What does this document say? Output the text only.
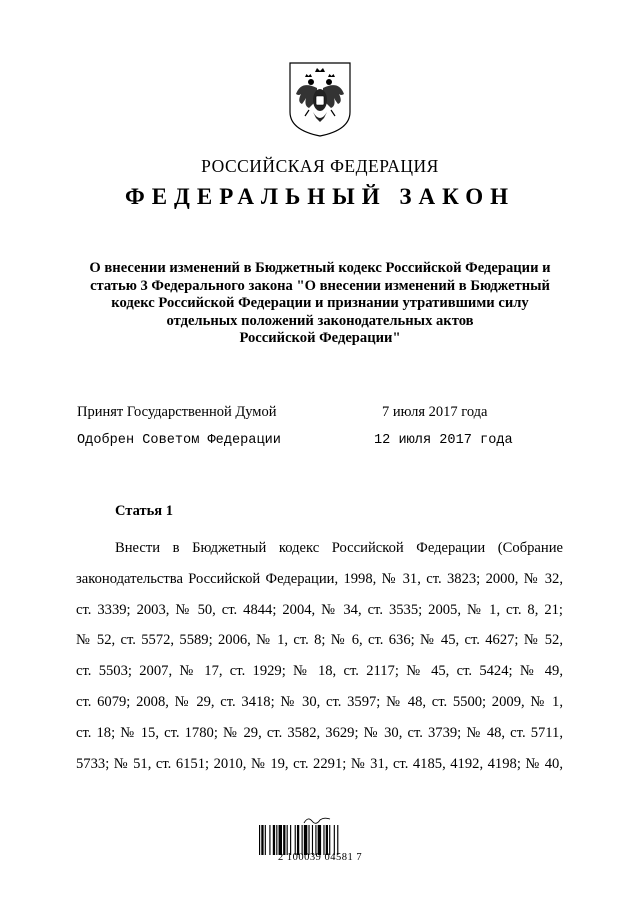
РОССИЙСКАЯ ФЕДЕРАЦИЯ
ФЕДЕРАЛЬНЫЙ ЗАКОН
О внесении изменений в Бюджетный кодекс Российской Федерации и
статью 3 Федерального закона "О внесении изменений в Бюджетный
кодекс Российской Федерации и признании утратившими силу
отдельных положений законодательных актов
Российской Федерации"
Принят Государственной Думой	7 июля 2017 года
Одобрен Советом Федерации	12 июля 2017 года
Статья 1
Внести в Бюджетный кодекс Российской Федерации (Собрание
законодательства Российской Федерации, 1998, № 31, ст. 3823; 2000, № 32,
ст. 3339; 2003, № 50, ст. 4844; 2004, № 34, ст. 3535; 2005, № 1, ст. 8, 21;
№ 52, ст. 5572, 5589; 2006, № 1, ст. 8; № 6, ст. 636; № 45, ст. 4627; № 52,
ст. 5503; 2007, № 17, ст. 1929; № 18, ст. 2117; № 45, ст. 5424; № 49,
ст. 6079; 2008, № 29, ст. 3418; № 30, ст. 3597; № 48, ст. 5500; 2009, № 1,
ст. 18; № 15, ст. 1780; № 29, ст. 3582, 3629; № 30, ст. 3739; № 48, ст. 5711,
5733; № 51, ст. 6151; 2010, № 19, ст. 2291; № 31, ст. 4185, 4192, 4198; № 40,
2 100039 04581 7
